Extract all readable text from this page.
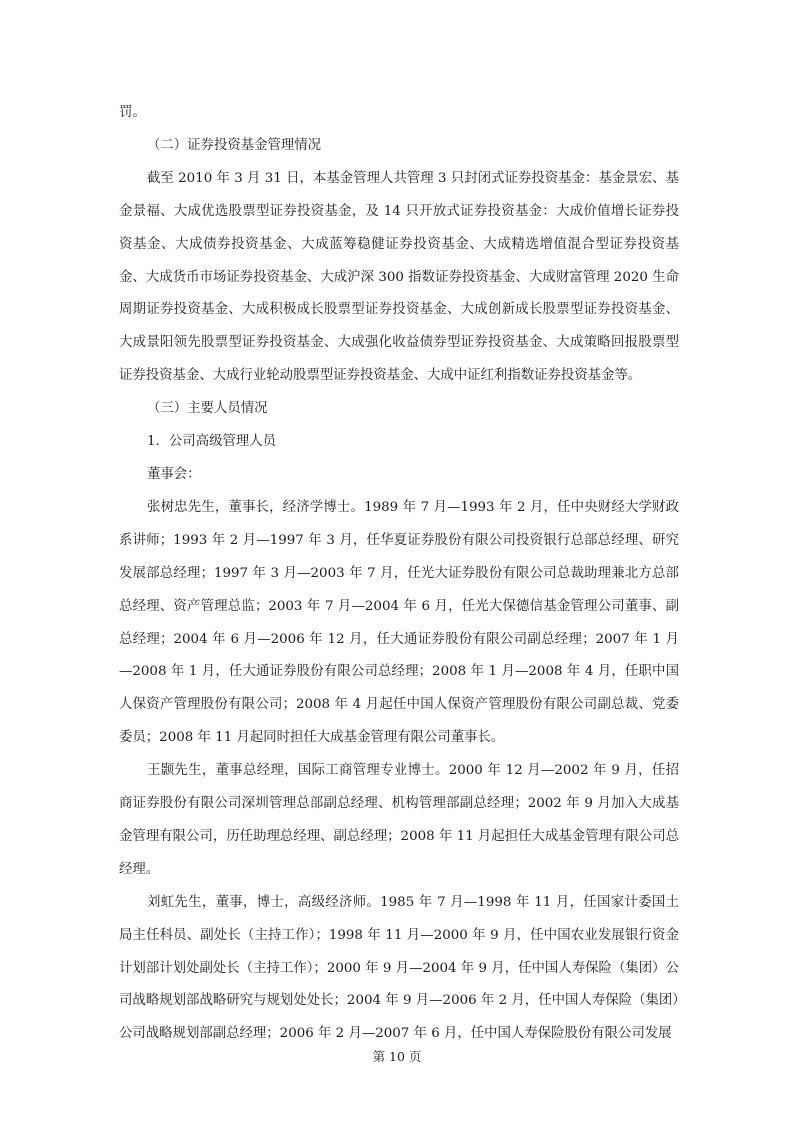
罚。

（二）证券投资基金管理情况

截至 2010 年 3 月 31 日，本基金管理人共管理 3 只封闭式证券投资基金：基金景宏、基金景福、大成优选股票型证券投资基金，及 14 只开放式证券投资基金：大成价值增长证券投资基金、大成债券投资基金、大成蓝筹稳健证券投资基金、大成精选增值混合型证券投资基金、大成货币市场证券投资基金、大成沪深 300 指数证券投资基金、大成财富管理 2020 生命周期证券投资基金、大成积极成长股票型证券投资基金、大成创新成长股票型证券投资基金、大成景阳领先股票型证券投资基金、大成强化收益债券型证券投资基金、大成策略回报股票型证券投资基金、大成行业轮动股票型证券投资基金、大成中证红利指数证券投资基金等。

（三）主要人员情况

1．公司高级管理人员

董事会：

张树忠先生，董事长，经济学博士。1989 年 7 月—1993 年 2 月，任中央财经大学财政系讲师；1993 年 2 月—1997 年 3 月，任华夏证券股份有限公司投资银行总部总经理、研究发展部总经理；1997 年 3 月—2003 年 7 月，任光大证券股份有限公司总裁助理兼北方总部总经理、资产管理总监；2003 年 7 月—2004 年 6 月，任光大保德信基金管理公司董事、副总经理；2004 年 6 月—2006 年 12 月，任大通证券股份有限公司副总经理；2007 年 1 月—2008 年 1 月，任大通证券股份有限公司总经理；2008 年 1 月—2008 年 4 月，任职中国人保资产管理股份有限公司；2008 年 4 月起任中国人保资产管理股份有限公司副总裁、党委委员；2008 年 11 月起同时担任大成基金管理有限公司董事长。

王颢先生，董事总经理，国际工商管理专业博士。2000 年 12 月—2002 年 9 月，任招商证券股份有限公司深圳管理总部副总经理、机构管理部副总经理；2002 年 9 月加入大成基金管理有限公司，历任助理总经理、副总经理；2008 年 11 月起担任大成基金管理有限公司总经理。

刘虹先生，董事，博士，高级经济师。1985 年 7 月—1998 年 11 月，任国家计委国土局主任科员、副处长（主持工作）；1998 年 11 月—2000 年 9 月，任中国农业发展银行资金计划部计划处副处长（主持工作）；2000 年 9 月—2004 年 9 月，任中国人寿保险（集团）公司战略规划部战略研究与规划处处长；2004 年 9 月—2006 年 2 月，任中国人寿保险（集团）公司战略规划部副总经理；2006 年 2 月—2007 年 6 月，任中国人寿保险股份有限公司发展

第 10 页
